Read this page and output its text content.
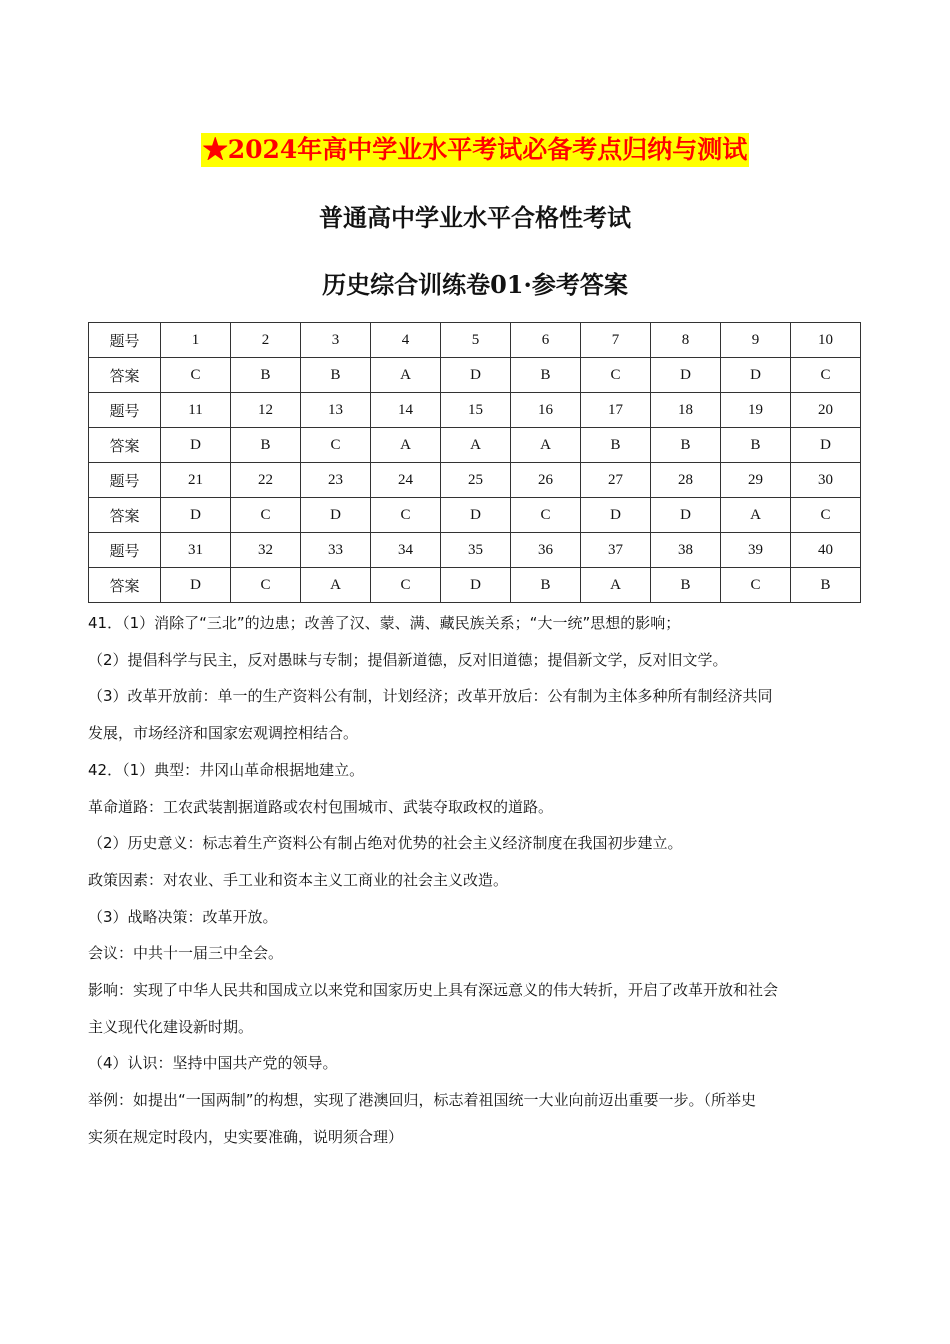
★2024年高中学业水平考试必备考点归纳与测试
普通高中学业水平合格性考试
历史综合训练卷01·参考答案
题号	1	2	3	4	5	6	7	8	9	10
答案	C	B	B	A	D	B	C	D	D	C
题号	11	12	13	14	15	16	17	18	19	20
答案	D	B	C	A	A	A	B	B	B	D
题号	21	22	23	24	25	26	27	28	29	30
答案	D	C	D	C	D	C	D	D	A	C
题号	31	32	33	34	35	36	37	38	39	40
答案	D	C	A	C	D	B	A	B	C	B

41．（1）消除了“三北”的边患；改善了汉、蒙、满、藏民族关系；“大一统”思想的影响；

（2）提倡科学与民主，反对愚昧与专制；提倡新道德，反对旧道德；提倡新文学，反对旧文学。

（3）改革开放前：单一的生产资料公有制，计划经济；改革开放后：公有制为主体多种所有制经济共同

发展，市场经济和国家宏观调控相结合。

42．（1）典型：井冈山革命根据地建立。

革命道路：工农武装割据道路或农村包围城市、武装夺取政权的道路。

（2）历史意义：标志着生产资料公有制占绝对优势的社会主义经济制度在我国初步建立。

政策因素：对农业、手工业和资本主义工商业的社会主义改造。

（3）战略决策：改革开放。

会议：中共十一届三中全会。

影响：实现了中华人民共和国成立以来党和国家历史上具有深远意义的伟大转折，开启了改革开放和社会

主义现代化建设新时期。

（4）认识：坚持中国共产党的领导。

举例：如提出“一国两制”的构想，实现了港澳回归，标志着祖国统一大业向前迈出重要一步。（所举史

实须在规定时段内，史实要准确，说明须合理）
